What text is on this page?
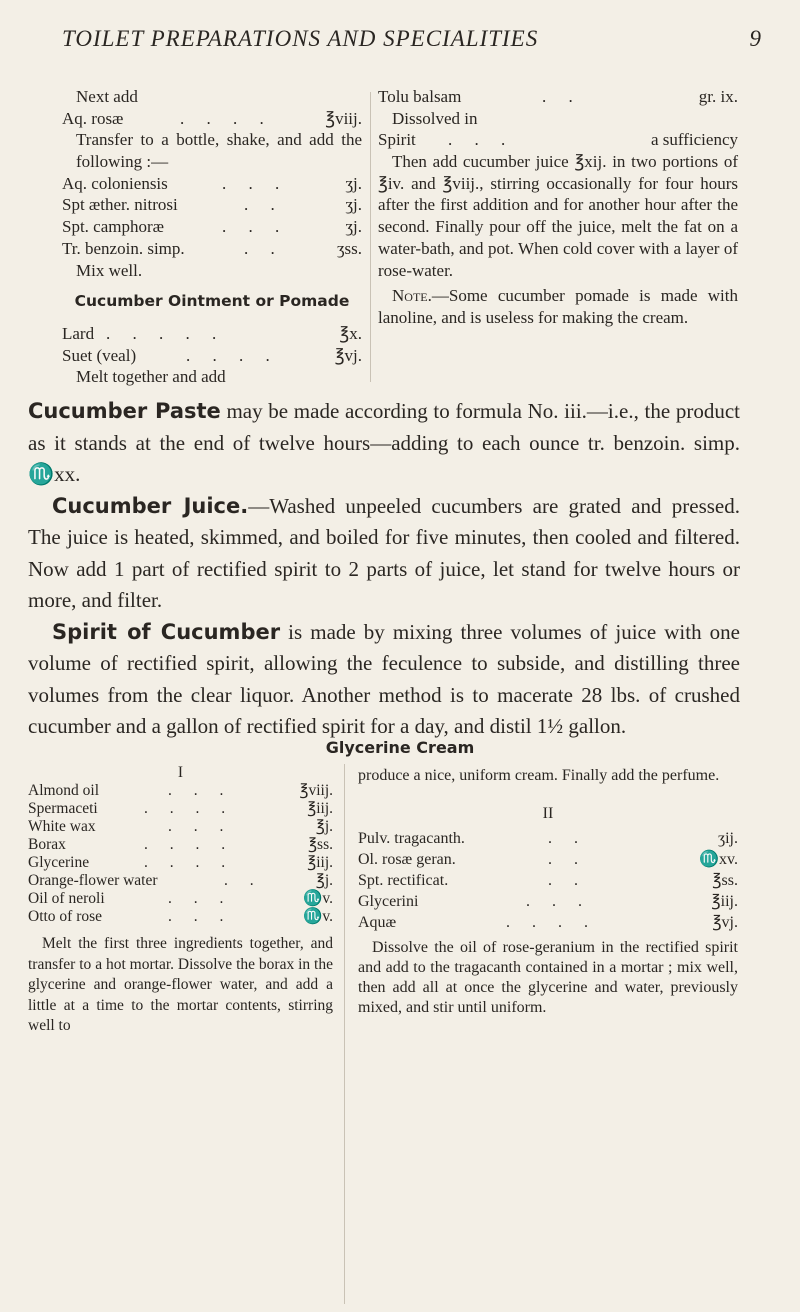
TOILET PREPARATIONS AND SPECIALITIES	9
Next add
Aq. rosæ	. . . .	℥viij.
Transfer to a bottle, shake, and add the following :—
Aq. coloniensis	. . .	ʒj.
Spt æther. nitrosi	. .	ʒj.
Spt. camphoræ	. . .	ʒj.
Tr. benzoin. simp.	. .	ʒss.
Mix well.
Cucumber Ointment or Pomade
Lard . . . . .	℥x.
Suet (veal)	. . . .	℥vj.
Melt together and add
Tolu balsam	. .	gr. ix.
Dissolved in
Spirit . . .	a sufficiency
Then add cucumber juice ℥xij. in two portions of ℥iv. and ℥viij., stirring occasionally for four hours after the first addition and for another hour after the second. Finally pour off the juice, melt the fat on a water-bath, and pot. When cold cover with a layer of rose-water.
Note.—Some cucumber pomade is made with lanoline, and is useless for making the cream.

Cucumber Paste may be made according to formula No. iii.—i.e., the product as it stands at the end of twelve hours—adding to each ounce tr. benzoin. simp. ♏xx.

Cucumber Juice.—Washed unpeeled cucumbers are grated and pressed. The juice is heated, skimmed, and boiled for five minutes, then cooled and filtered. Now add 1 part of rectified spirit to 2 parts of juice, let stand for twelve hours or more, and filter.

Spirit of Cucumber is made by mixing three volumes of juice with one volume of rectified spirit, allowing the feculence to subside, and distilling three volumes from the clear liquor. Another method is to macerate 28 lbs. of crushed cucumber and a gallon of rectified spirit for a day, and distil 1½ gallon.

Glycerine Cream
I
Almond oil	. . .	℥viij.
Spermaceti	. . . .	℥iij.
White wax	. . .	℥j.
Borax	. . . .	℥ss.
Glycerine	. . . .	℥iij.
Orange-flower water	. .	℥j.
Oil of neroli	. . .	♏v.
Otto of rose	. . .	♏v.
Melt the first three ingredients together, and transfer to a hot mortar. Dissolve the borax in the glycerine and orange-flower water, and add a little at a time to the mortar contents, stirring well to
produce a nice, uniform cream. Finally add the perfume.
II
Pulv. tragacanth.	. .	ʒij.
Ol. rosæ geran.	. .	♏xv.
Spt. rectificat.	. .	℥ss.
Glycerini	. . .	℥iij.
Aquæ	. . . .	℥vj.
Dissolve the oil of rose-geranium in the rectified spirit and add to the tragacanth contained in a mortar ; mix well, then add all at once the glycerine and water, previously mixed, and stir until uniform.
